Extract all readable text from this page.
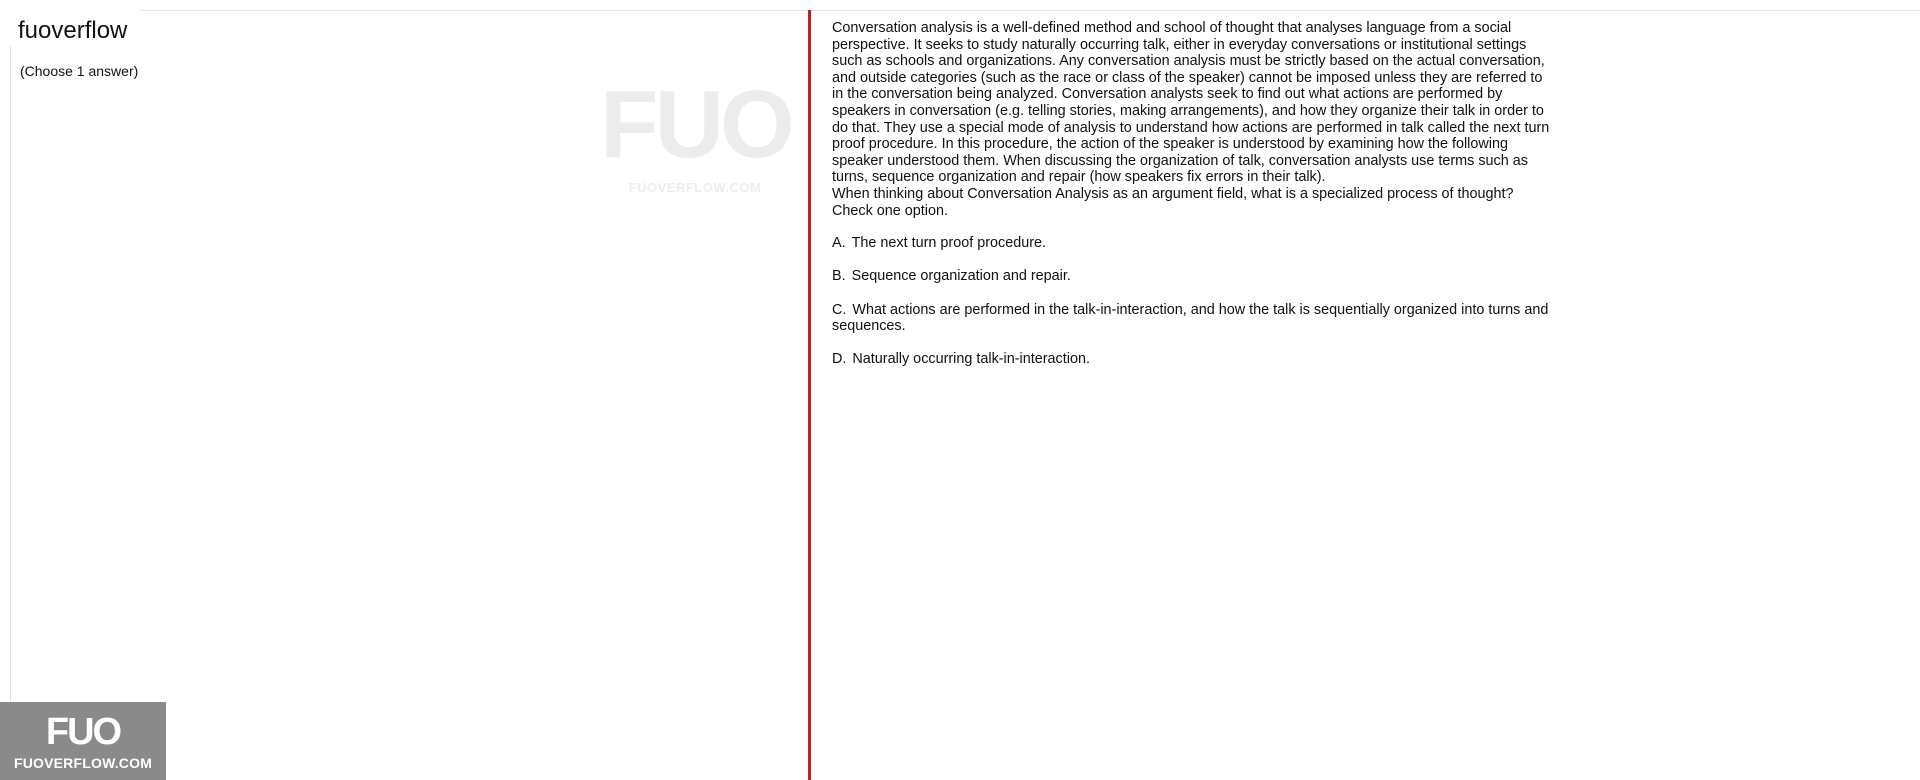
fuoverflow
(Choose 1 answer)	FUO
FUOVERFLOW.COM

Conversation analysis is a well-defined method and school of thought that analyses language from a social perspective. It seeks to study naturally occurring talk, either in everyday conversations or institutional settings such as schools and organizations. Any conversation analysis must be strictly based on the actual conversation, and outside categories (such as the race or class of the speaker) cannot be imposed unless they are referred to in the conversation being analyzed. Conversation analysts seek to find out what actions are performed by speakers in conversation (e.g. telling stories, making arrangements), and how they organize their talk in order to do that. They use a special mode of analysis to understand how actions are performed in talk called the next turn proof procedure. In this procedure, the action of the speaker is understood by examining how the following speaker understood them. When discussing the organization of talk, conversation analysts use terms such as turns, sequence organization and repair (how speakers fix errors in their talk).

When thinking about Conversation Analysis as an argument field, what is a specialized process of thought?

Check one option.

A. The next turn proof procedure.
B. Sequence organization and repair.
C. What actions are performed in the talk-in-interaction, and how the talk is sequentially organized into turns and sequences.
D. Naturally occurring talk-in-interaction.
FUO
FUOVERFLOW.COM
